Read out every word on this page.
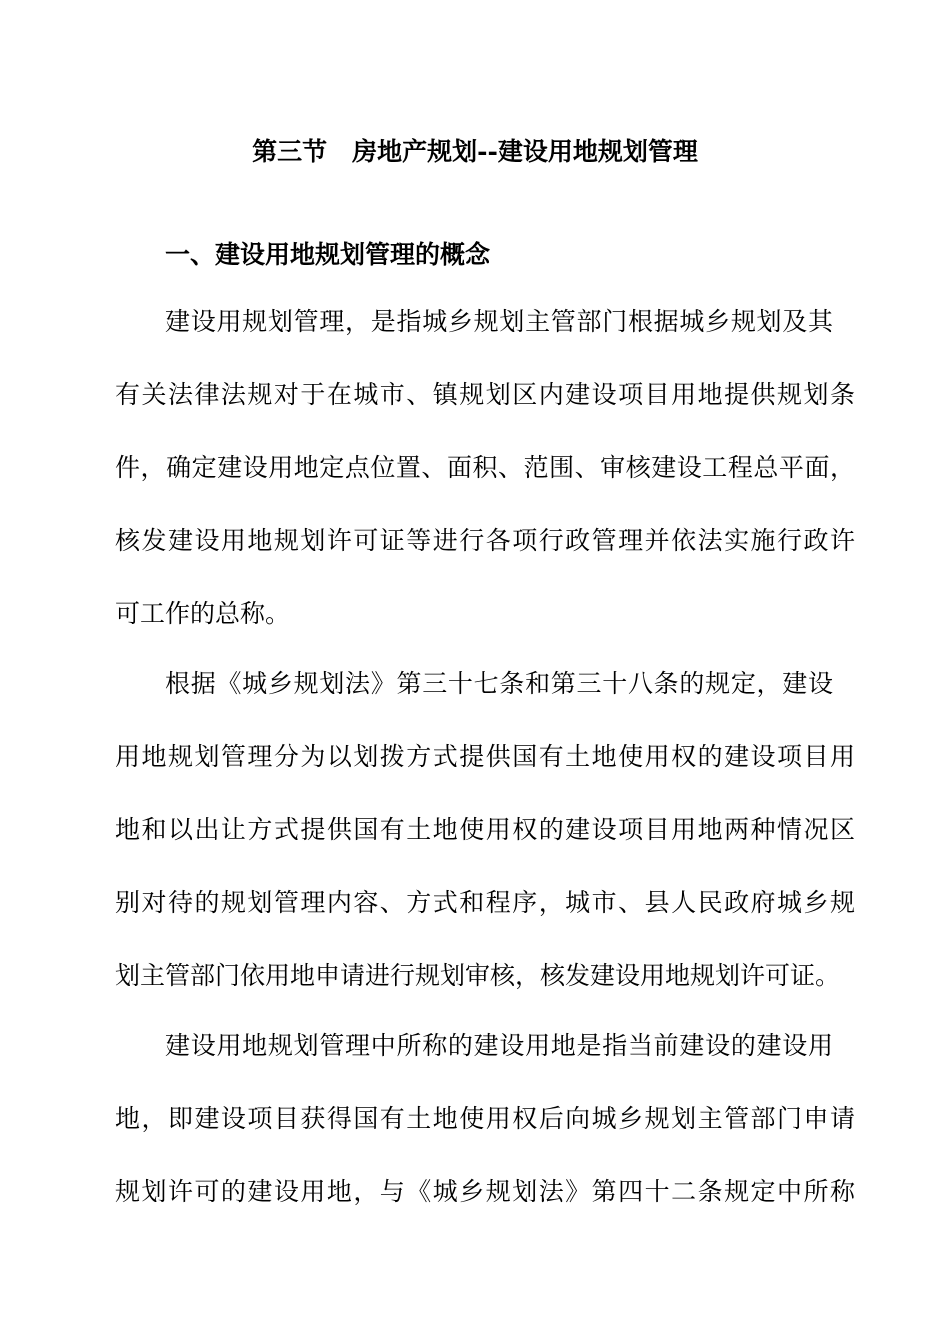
第三节　房地产规划--建设用地规划管理
一、建设用地规划管理的概念
建设用规划管理，是指城乡规划主管部门根据城乡规划及其
有关法律法规对于在城市、镇规划区内建设项目用地提供规划条
件，确定建设用地定点位置、面积、范围、审核建设工程总平面，
核发建设用地规划许可证等进行各项行政管理并依法实施行政许
可工作的总称。
根据《城乡规划法》第三十七条和第三十八条的规定，建设
用地规划管理分为以划拨方式提供国有土地使用权的建设项目用
地和以出让方式提供国有土地使用权的建设项目用地两种情况区
别对待的规划管理内容、方式和程序，城市、县人民政府城乡规
划主管部门依用地申请进行规划审核，核发建设用地规划许可证。
建设用地规划管理中所称的建设用地是指当前建设的建设用
地，即建设项目获得国有土地使用权后向城乡规划主管部门申请
规划许可的建设用地，与《城乡规划法》第四十二条规定中所称
